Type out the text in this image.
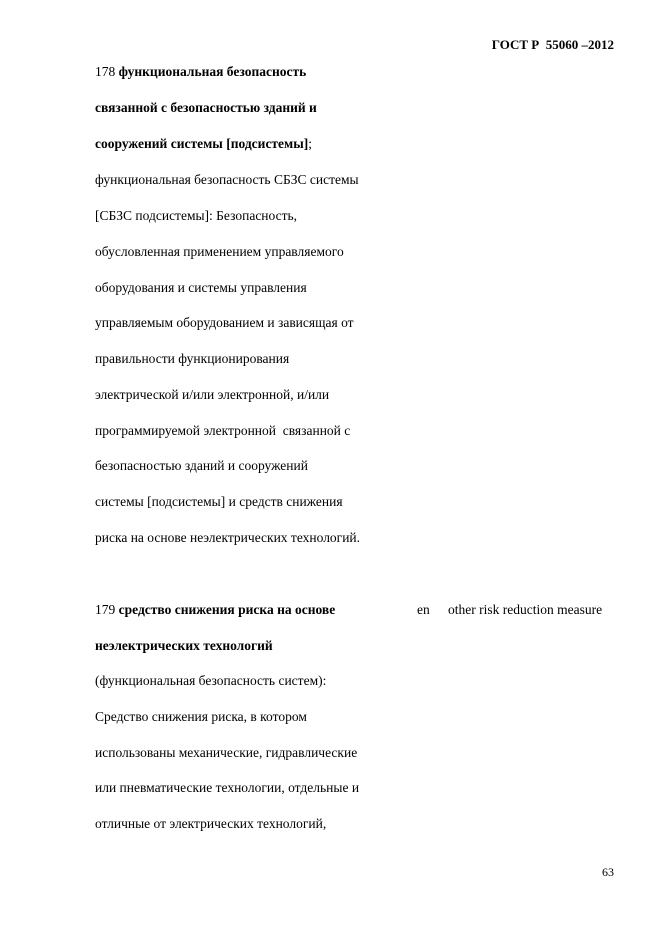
ГОСТ Р  55060 –2012
178 функциональная безопасность
связанной с безопасностью зданий и
сооружений системы [подсистемы];
функциональная безопасность СБЗС системы
[СБЗС подсистемы]: Безопасность,
обусловленная применением управляемого
оборудования и системы управления
управляемым оборудованием и зависящая от
правильности функционирования
электрической и/или электронной, и/или
программируемой электронной  связанной с
безопасностью зданий и сооружений
системы [подсистемы] и средств снижения
риска на основе неэлектрических технологий.
179 средство снижения риска на основе	en other risk reduction measure
неэлектрических технологий
(функциональная безопасность систем):
Средство снижения риска, в котором
использованы механические, гидравлические
или пневматические технологии, отдельные и
отличные от электрических технологий,
63
